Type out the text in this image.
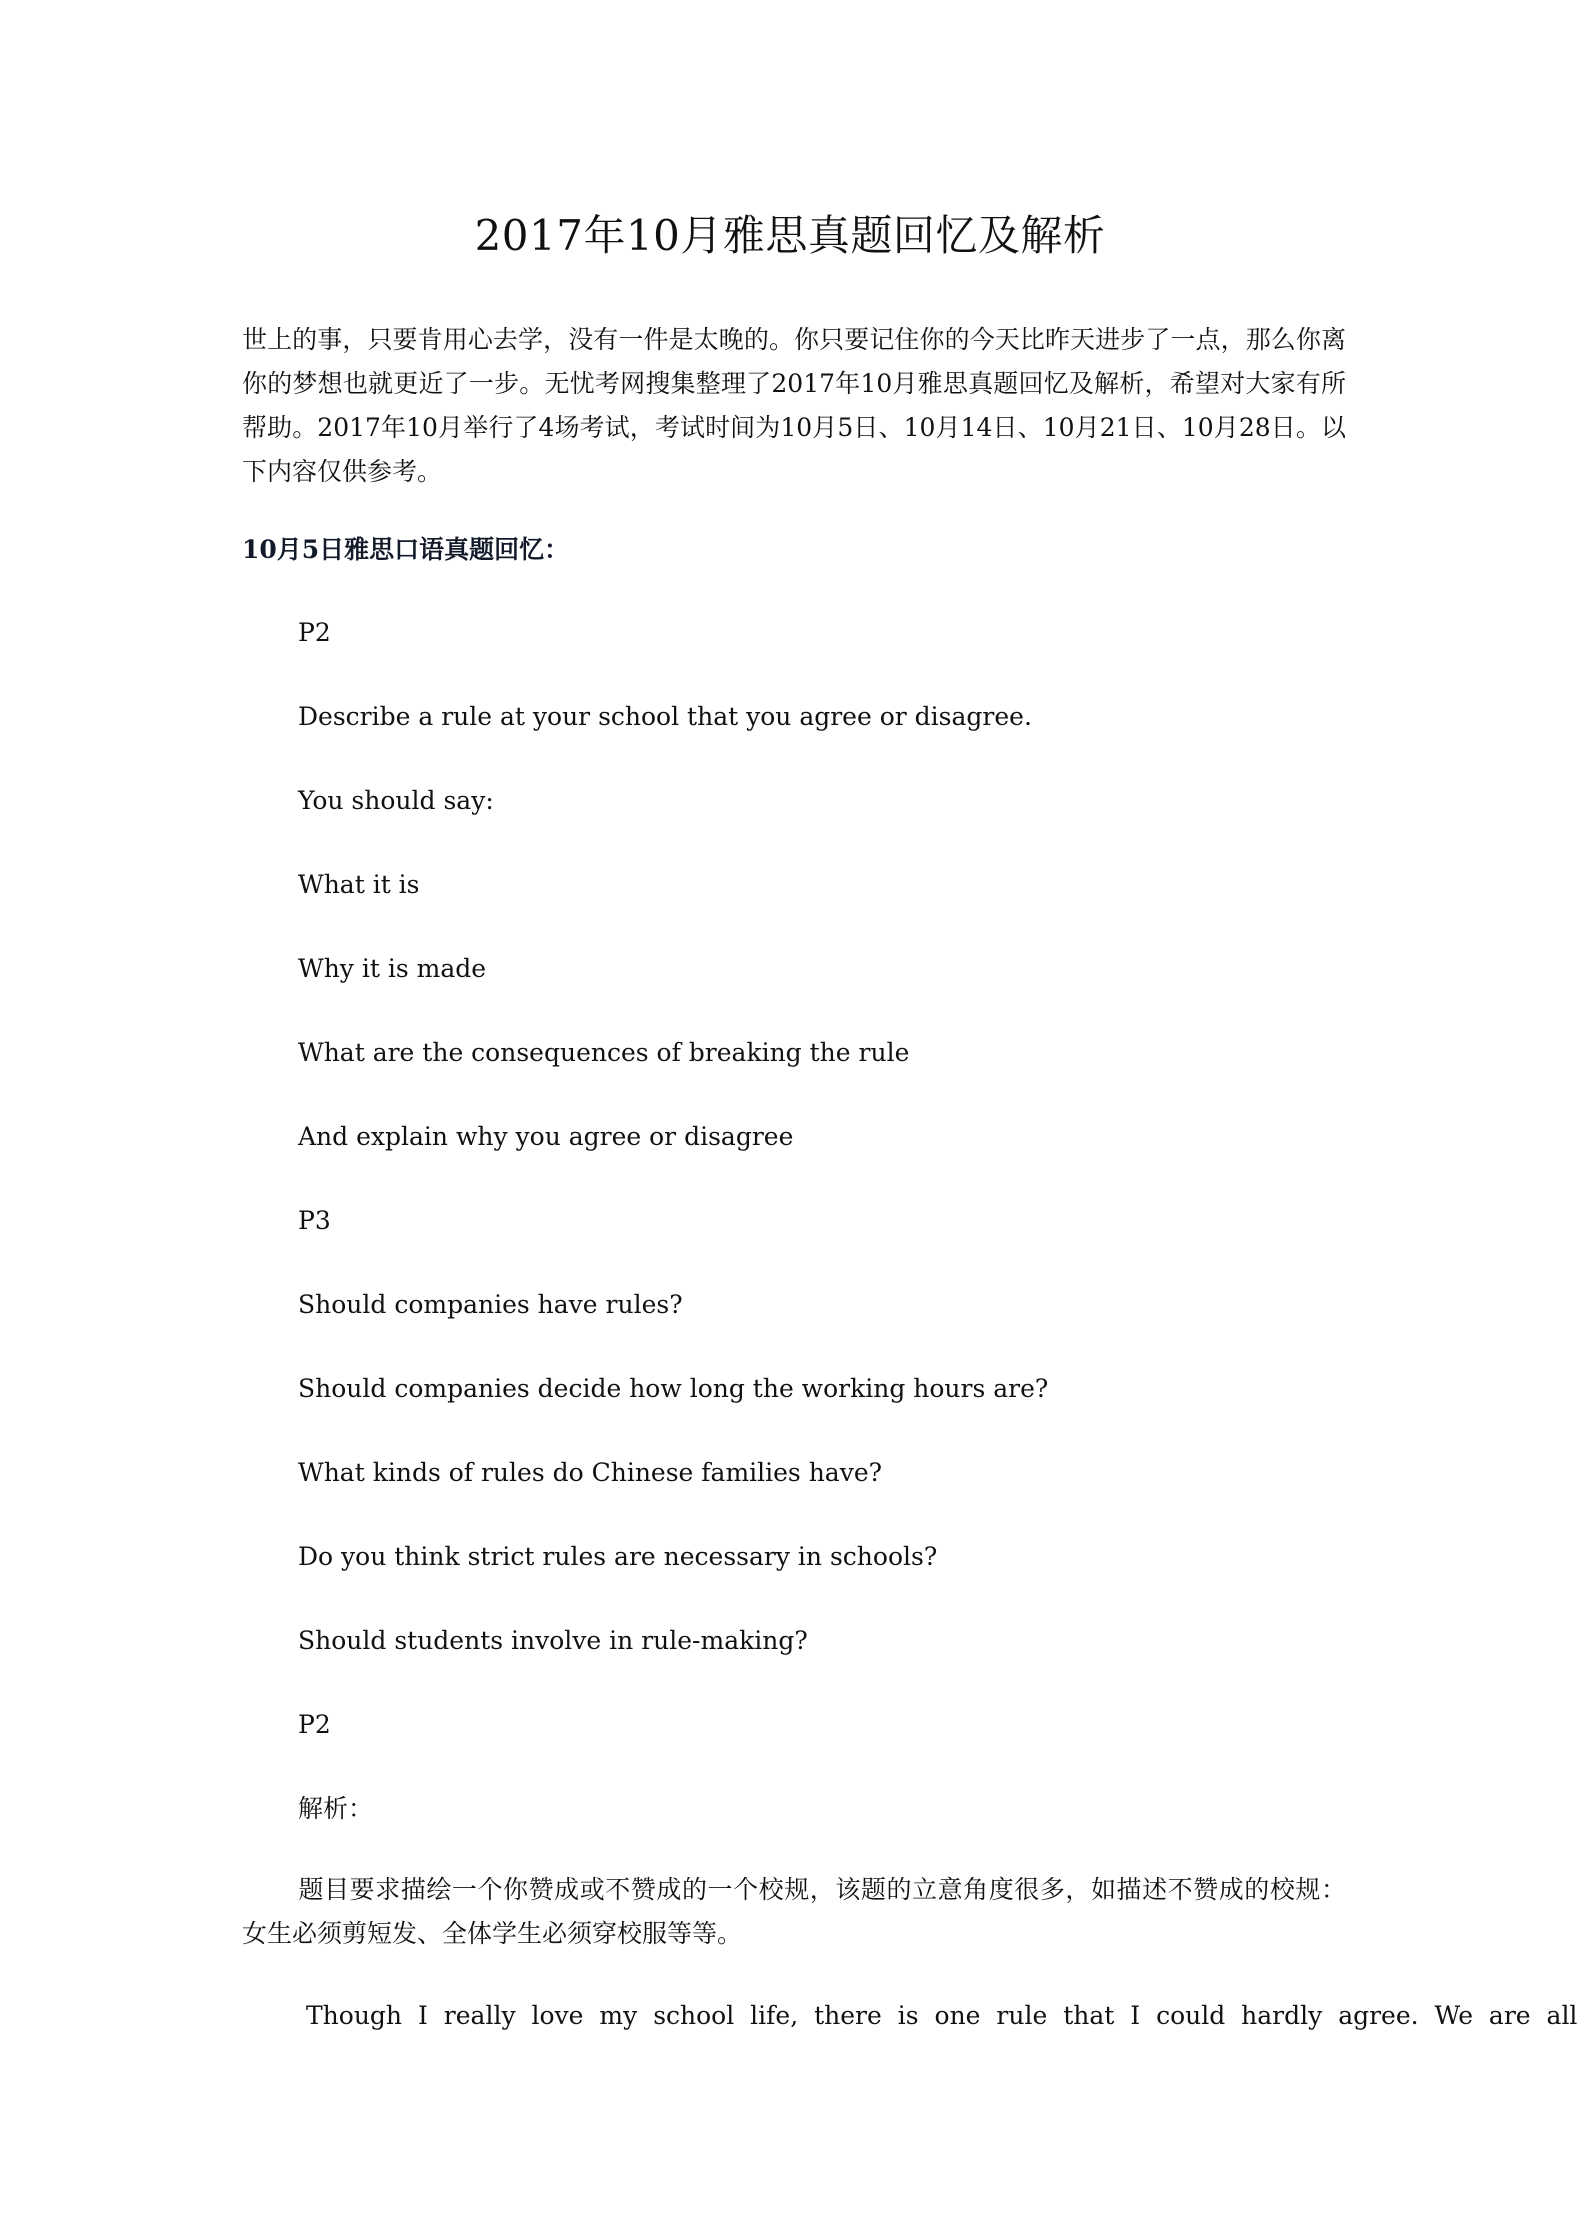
2017年10月雅思真题回忆及解析
世上的事，只要肯用心去学，没有一件是太晚的。你只要记住你的今天比昨天进步了一点，那么你离你的梦想也就更近了一步。无忧考网搜集整理了2017年10月雅思真题回忆及解析，希望对大家有所帮助。2017年10月举行了4场考试，考试时间为10月5日、10月14日、10月21日、10月28日。以下内容仅供参考。
10月5日雅思口语真题回忆：
P2
Describe a rule at your school that you agree or disagree.
You should say:
What it is
Why it is made
What are the consequences of breaking the rule
And explain why you agree or disagree
P3
Should companies have rules?
Should companies decide how long the working hours are?
What kinds of rules do Chinese families have?
Do you think strict rules are necessary in schools?
Should students involve in rule-making?
P2
解析：
题目要求描绘一个你赞成或不赞成的一个校规，该题的立意角度很多，如描述不赞成的校规：女生必须剪短发、全体学生必须穿校服等等。
Though I really love my school life, there is one rule that I could hardly agree. We are all
